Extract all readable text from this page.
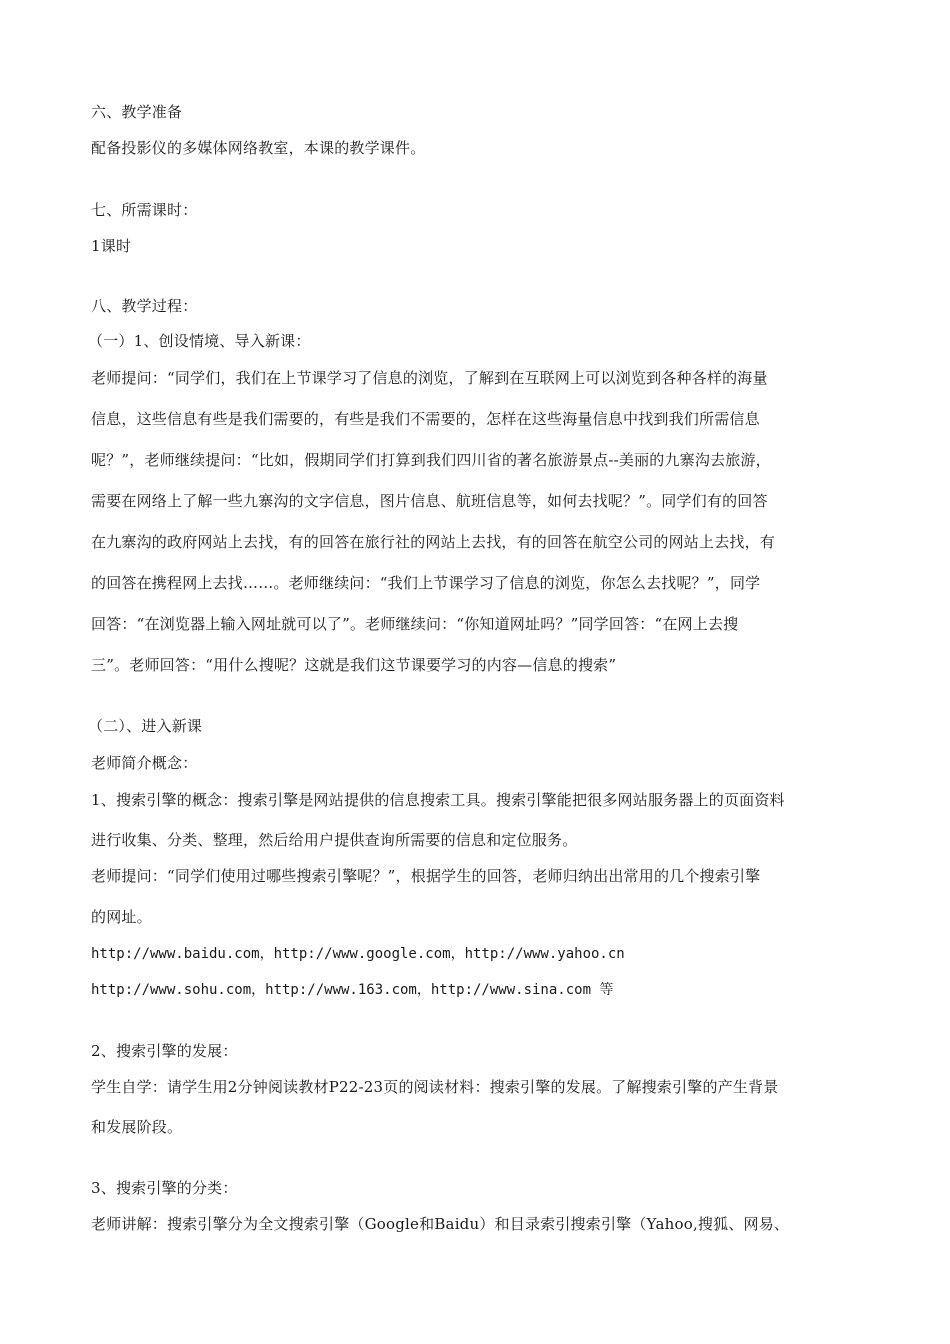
六、教学准备
配备投影仪的多媒体网络教室，本课的教学课件。
七、所需课时：
1课时
八、教学过程：
（一）1、创设情境、导入新课：
老师提问：“同学们，我们在上节课学习了信息的浏览，了解到在互联网上可以浏览到各种各样的海量
信息，这些信息有些是我们需要的，有些是我们不需要的，怎样在这些海量信息中找到我们所需信息
呢？”，老师继续提问：“比如，假期同学们打算到我们四川省的著名旅游景点--美丽的九寨沟去旅游，
需要在网络上了解一些九寨沟的文字信息，图片信息、航班信息等，如何去找呢？”。同学们有的回答
在九寨沟的政府网站上去找，有的回答在旅行社的网站上去找，有的回答在航空公司的网站上去找，有
的回答在携程网上去找……。老师继续问：“我们上节课学习了信息的浏览，你怎么去找呢？”，同学
回答：“在浏览器上输入网址就可以了”。老师继续问：“你知道网址吗？”同学回答：“在网上去搜
三”。老师回答：“用什么搜呢？这就是我们这节课要学习的内容—信息的搜索”
（二）、进入新课
老师简介概念：
1、搜索引擎的概念：搜索引擎是网站提供的信息搜索工具。搜索引擎能把很多网站服务器上的页面资料
进行收集、分类、整理，然后给用户提供查询所需要的信息和定位服务。
老师提问：“同学们使用过哪些搜索引擎呢？”，根据学生的回答，老师归纳出出常用的几个搜索引擎
的网址。
http://www.baidu.com，http://www.google.com，http://www.yahoo.cn
http://www.sohu.com，http://www.163.com，http://www.sina.com 等
2、搜索引擎的发展：
学生自学：请学生用2分钟阅读教材P22-23页的阅读材料：搜索引擎的发展。了解搜索引擎的产生背景
和发展阶段。
3、搜索引擎的分类：
老师讲解：搜索引擎分为全文搜索引擎（Google和Baidu）和目录索引搜索引擎（Yahoo,搜狐、网易、
